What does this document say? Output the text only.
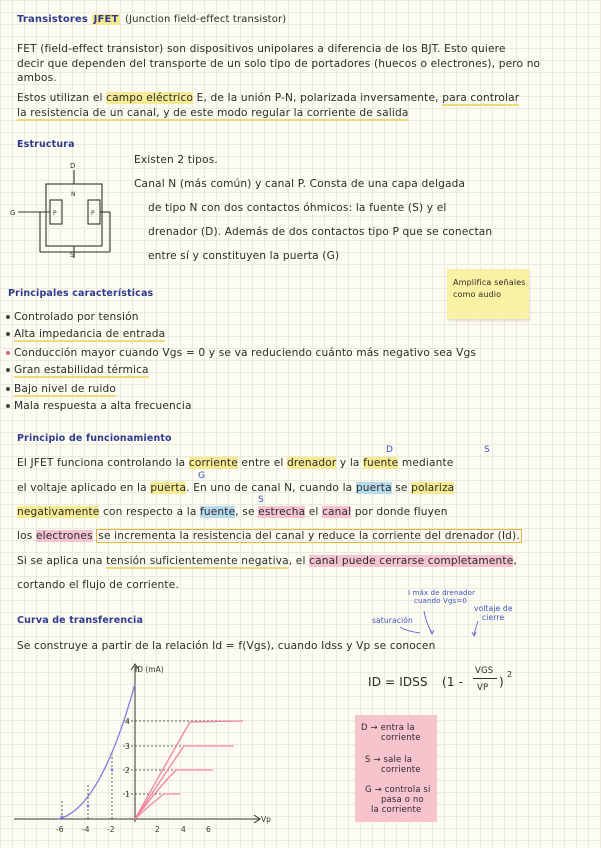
Transistores JFET (Junction field-effect transistor)
FET (field-effect transistor) son dispositivos unipolares a diferencia de los BJT. Esto quiere
decir que dependen del transporte de un solo tipo de portadores (huecos o electrones), pero no
ambos.
Estos utilizan el campo eléctrico E, de la unión P-N, polarizada inversamente, para controlar
la resistencia de un canal, y de este modo regular la corriente de salida
Estructura
D
G
N
P	P
S
Existen 2 tipos.
Canal N (más común) y canal P. Consta de una capa delgada
de tipo N con dos contactos óhmicos: la fuente (S) y el
drenador (D). Además de dos contactos tipo P que se conectan
entre sí y constituyen la puerta (G)
Amplifica señales
como audio
Principales características
Controlado por tensión
Alta impedancia de entrada
Conducción mayor cuando Vgs = 0 y se va reduciendo cuánto más negativo sea Vgs
Gran estabilidad térmica
Bajo nivel de ruido
Mala respuesta a alta frecuencia
Principio de funcionamiento
D	S
G
S
El JFET funciona controlando la corriente entre el drenador y la fuente mediante
el voltaje aplicado en la puerta. En uno de canal N, cuando la puerta se polariza
negativamente con respecto a la fuente, se estrecha el canal por donde fluyen
los electrones se incrementa la resistencia del canal y reduce la corriente del drenador (Id).
Si se aplica una tensión suficientemente negativa, el canal puede cerrarse completamente,
cortando el flujo de corriente.
Curva de transferencia
I máx de drenador
cuando Vgs=0
saturación
voltaje de
cierre
Se construye a partir de la relación Id = f(Vgs), cuando Idss y Vp se conocen
ID = IDSS (1 -
VGS
VP )
2
ID (mA)
Vp
-6 -4 -2	2	4	6
1
2
3
4
D → entra la
corriente
S → sale la
corriente
G → controla si
pasa o no
la corriente
